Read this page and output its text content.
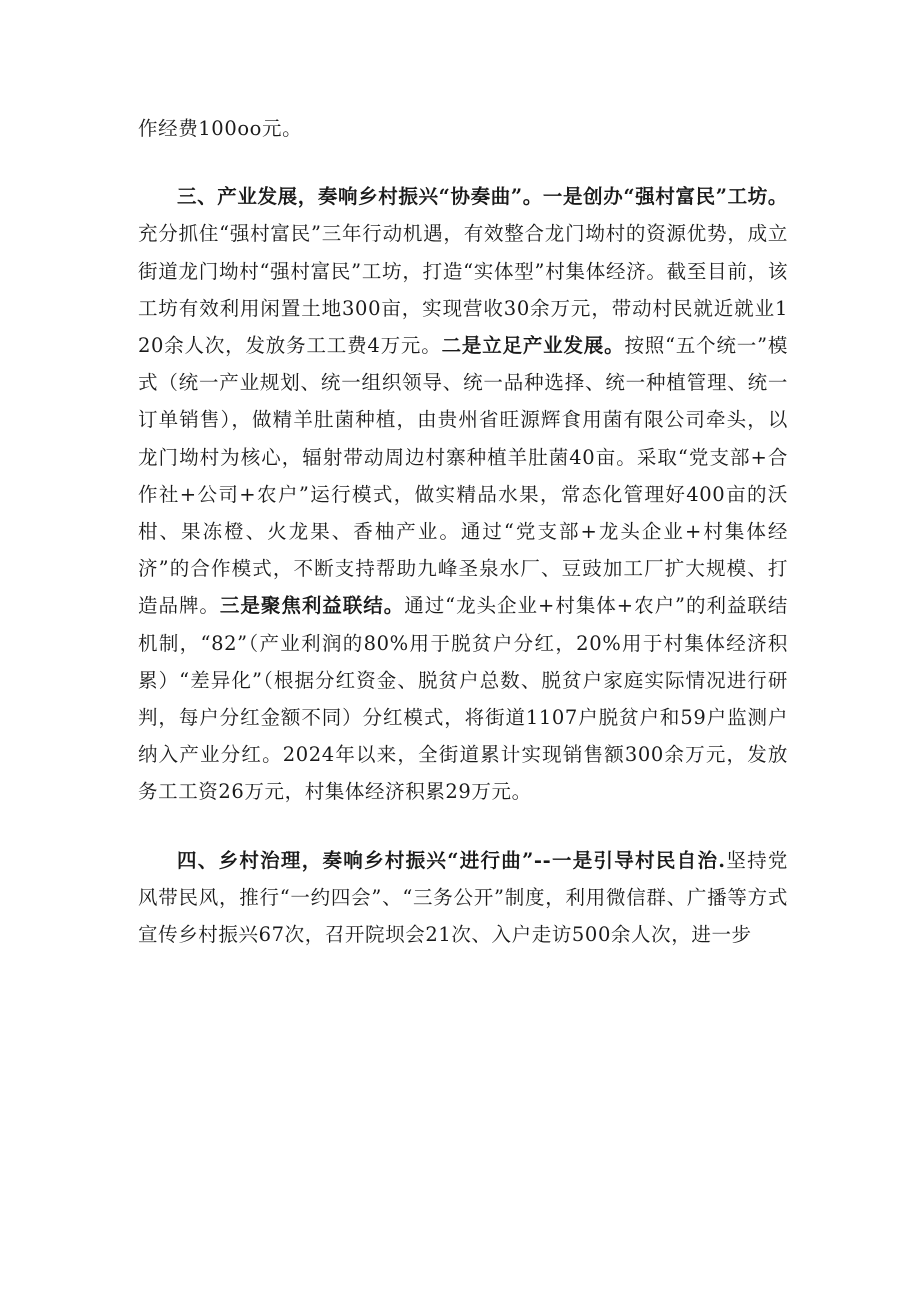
作经费100oo元。

三、产业发展，奏响乡村振兴“协奏曲”。一是创办“强村富民”工坊。充分抓住“强村富民”三年行动机遇，有效整合龙门坳村的资源优势，成立街道龙门坳村“强村富民”工坊，打造“实体型”村集体经济。截至目前，该工坊有效利用闲置土地300亩，实现营收30余万元，带动村民就近就业120余人次，发放务工工费4万元。二是立足产业发展。按照“五个统一”模式（统一产业规划、统一组织领导、统一品种选择、统一种植管理、统一订单销售），做精羊肚菌种植，由贵州省旺源辉食用菌有限公司牵头，以龙门坳村为核心，辐射带动周边村寨种植羊肚菌40亩。采取“党支部+合作社+公司+农户”运行模式，做实精品水果，常态化管理好400亩的沃柑、果冻橙、火龙果、香柚产业。通过“党支部+龙头企业+村集体经济”的合作模式，不断支持帮助九峰圣泉水厂、豆豉加工厂扩大规模、打造品牌。三是聚焦利益联结。通过“龙头企业+村集体+农户”的利益联结机制，“82”（产业利润的80%用于脱贫户分红，20%用于村集体经济积累）“差异化”（根据分红资金、脱贫户总数、脱贫户家庭实际情况进行研判，每户分红金额不同）分红模式，将街道1107户脱贫户和59户监测户纳入产业分红。2024年以来，全街道累计实现销售额300余万元，发放务工工资26万元，村集体经济积累29万元。

四、乡村治理，奏响乡村振兴“进行曲”--一是引导村民自治.坚持党风带民风，推行“一约四会”、“三务公开”制度，利用微信群、广播等方式宣传乡村振兴67次，召开院坝会21次、入户走访500余人次，进一步
